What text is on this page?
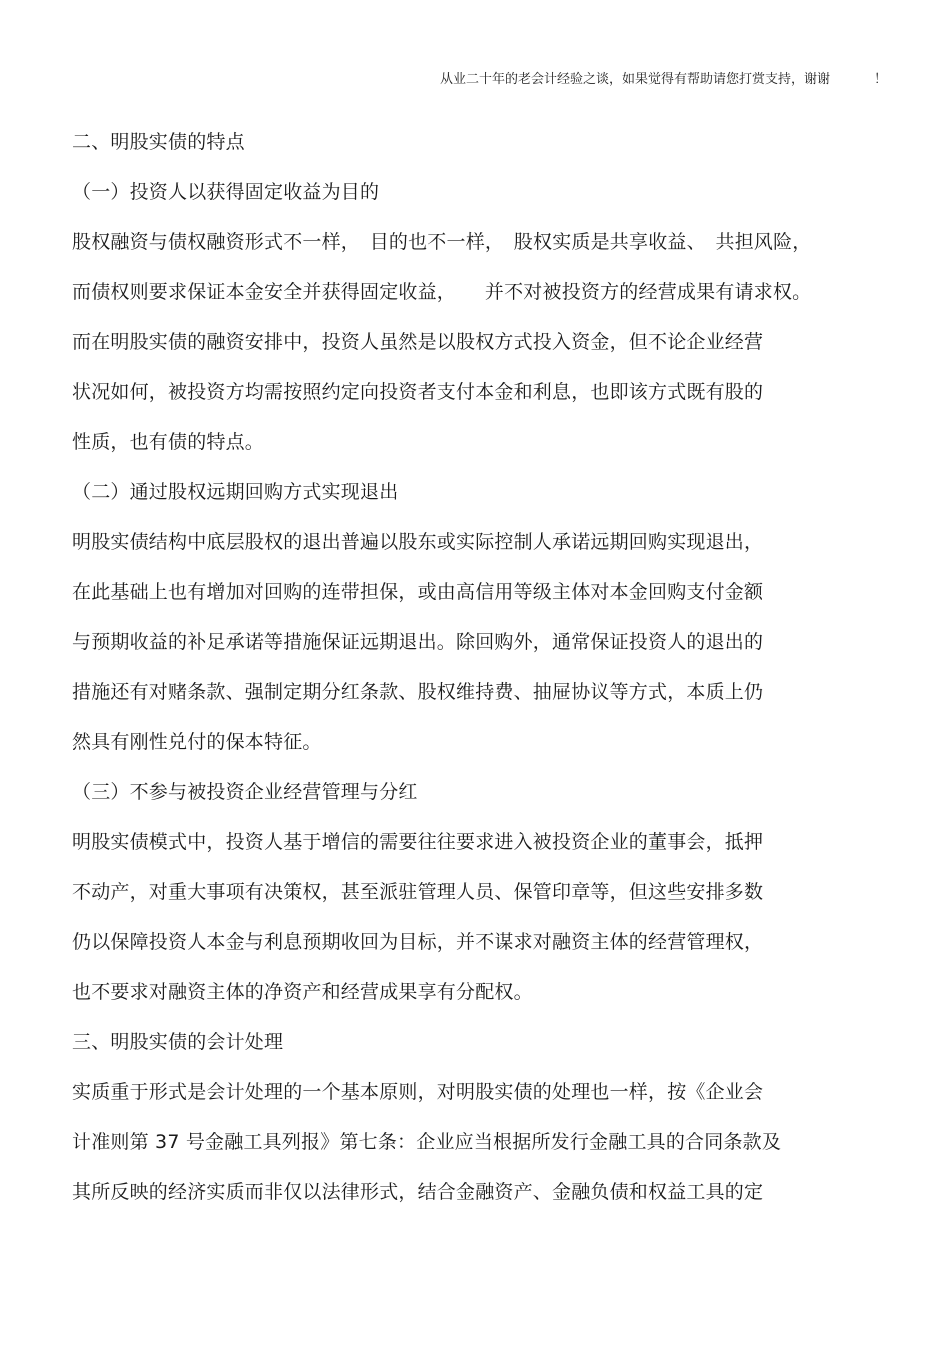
从业二十年的老会计经验之谈，如果觉得有帮助请您打赏支持，谢谢	！
二、明股实债的特点
（一）投资人以获得固定收益为目的
股权融资与债权融资形式不一样，　目的也不一样，　股权实质是共享收益、　共担风险，
而债权则要求保证本金安全并获得固定收益，　　并不对被投资方的经营成果有请求权。
而在明股实债的融资安排中，投资人虽然是以股权方式投入资金，但不论企业经营
状况如何，被投资方均需按照约定向投资者支付本金和利息，也即该方式既有股的
性质，也有债的特点。
（二）通过股权远期回购方式实现退出
明股实债结构中底层股权的退出普遍以股东或实际控制人承诺远期回购实现退出，
在此基础上也有增加对回购的连带担保，或由高信用等级主体对本金回购支付金额
与预期收益的补足承诺等措施保证远期退出。除回购外，通常保证投资人的退出的
措施还有对赌条款、强制定期分红条款、股权维持费、抽屉协议等方式，本质上仍
然具有刚性兑付的保本特征。
（三）不参与被投资企业经营管理与分红
明股实债模式中，投资人基于增信的需要往往要求进入被投资企业的董事会，抵押
不动产，对重大事项有决策权，甚至派驻管理人员、保管印章等，但这些安排多数
仍以保障投资人本金与利息预期收回为目标，并不谋求对融资主体的经营管理权，
也不要求对融资主体的净资产和经营成果享有分配权。
三、明股实债的会计处理
实质重于形式是会计处理的一个基本原则，对明股实债的处理也一样，按《企业会
计准则第 37 号金融工具列报》第七条：企业应当根据所发行金融工具的合同条款及
其所反映的经济实质而非仅以法律形式，结合金融资产、金融负债和权益工具的定
